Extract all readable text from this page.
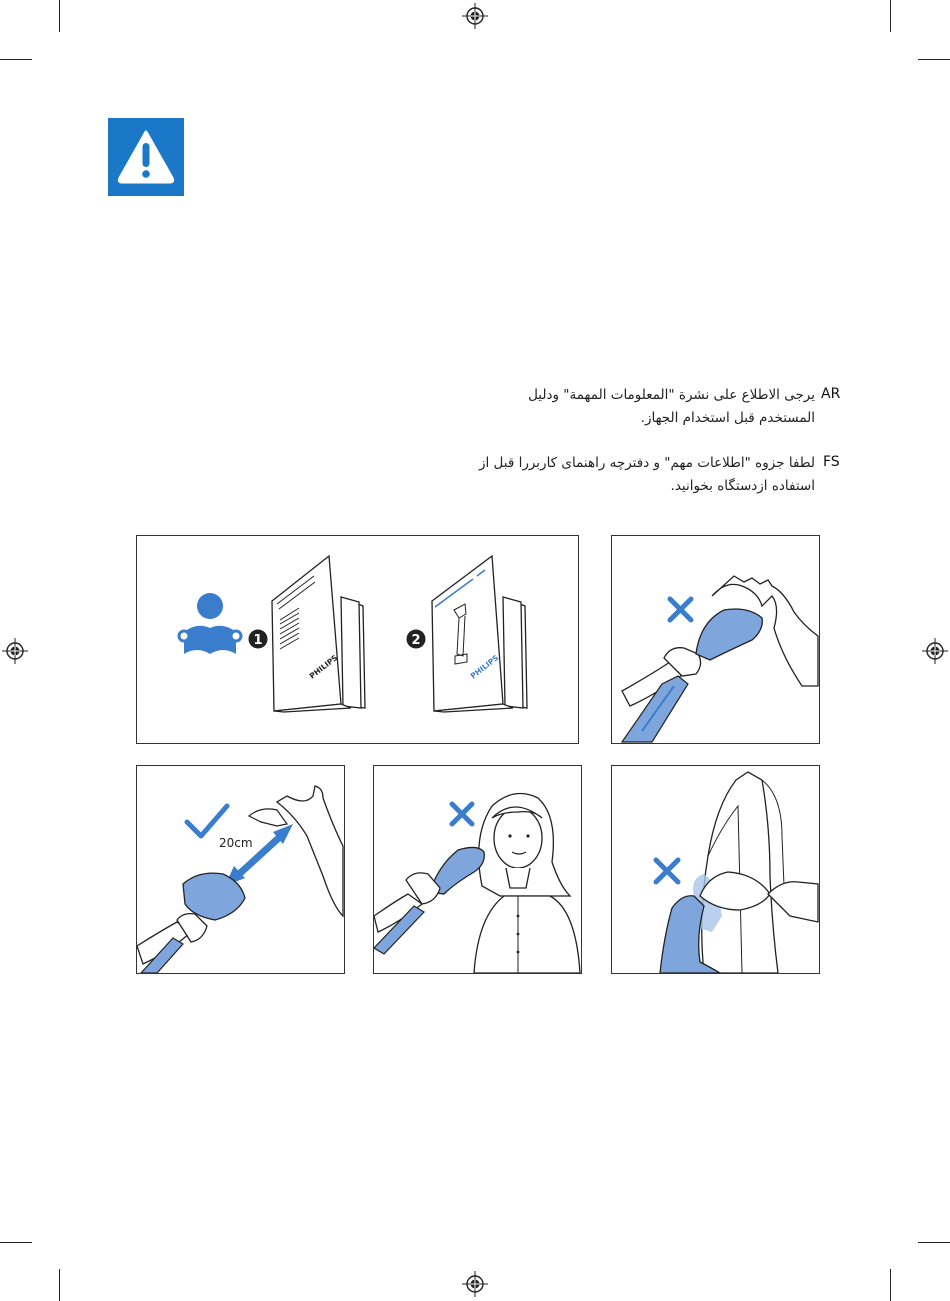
AR
يرجى الاطلاع على نشرة "المعلومات المهمة" ودليل
المستخدم قبل استخدام الجهاز.
FS
لطفا جزوه "اطلاعات مهم" و دفترچه راهنمای کاربررا قبل از
استفاده ازدستگاه بخوانید.
1
PHILIPS
2
PHILIPS
20cm
